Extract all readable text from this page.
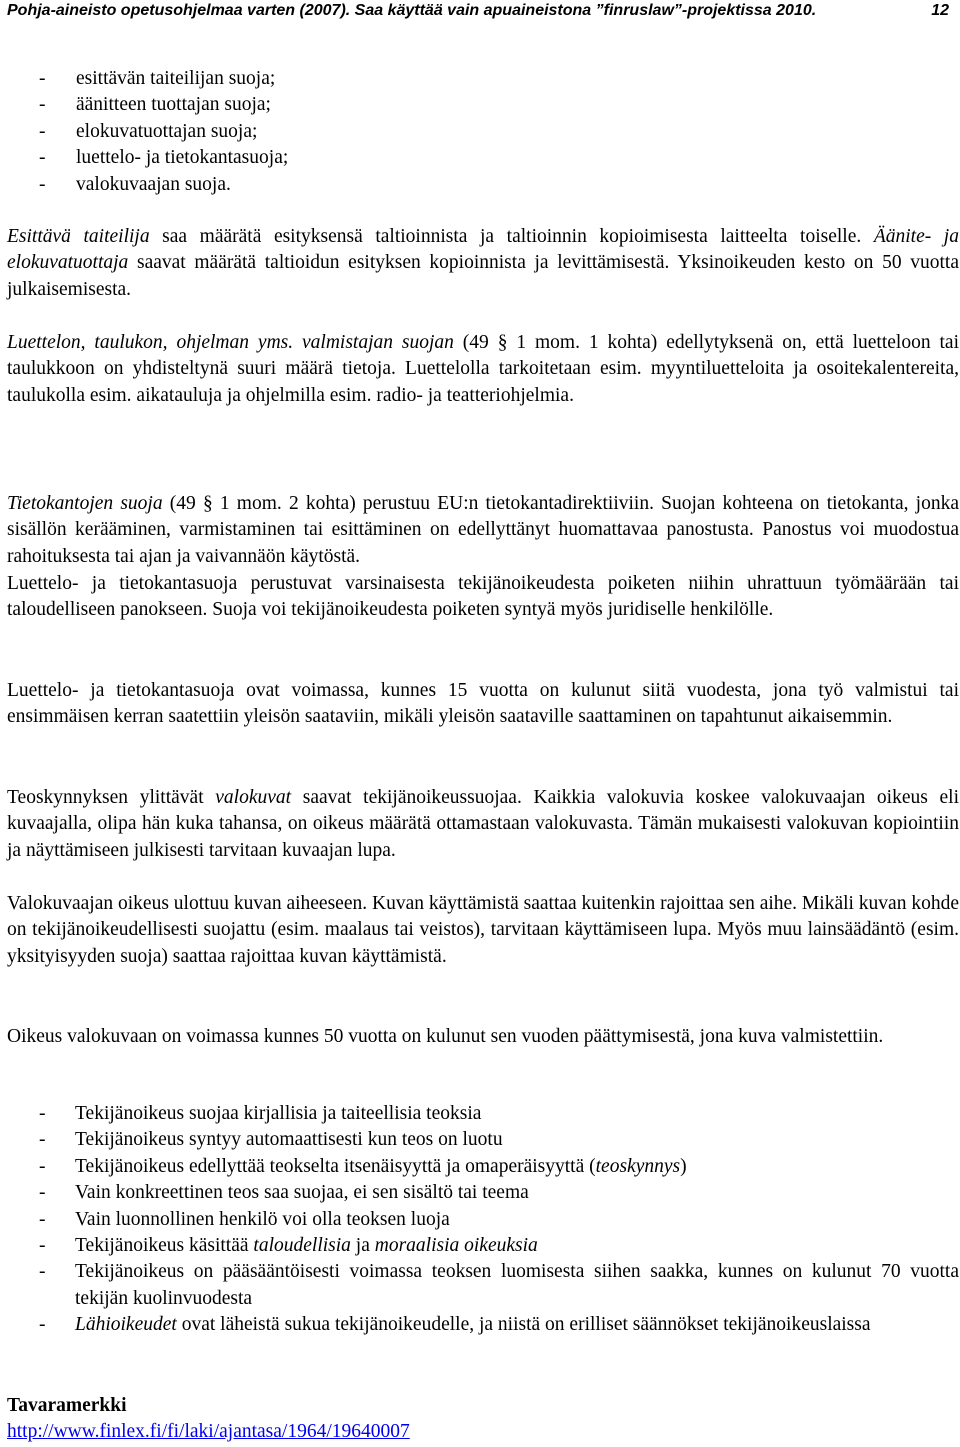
Pohja-aineisto opetusohjelmaa varten (2007). Saa käyttää vain apuaineistona ”finruslaw”-projektissa 2010.	12
- esittävän taiteilijan suoja;
- äänitteen tuottajan suoja;
- elokuvatuottajan suoja;
- luettelo- ja tietokantasuoja;
- valokuvaajan suoja.
Esittävä taiteilija saa määrätä esityksensä taltioinnista ja taltioinnin kopioimisesta laitteelta toiselle. Äänite- ja elokuvatuottaja saavat määrätä taltioidun esityksen kopioinnista ja levittämisestä. Yksinoikeuden kesto on 50 vuotta julkaisemisesta.
Luettelon, taulukon, ohjelman yms. valmistajan suojan (49 § 1 mom. 1 kohta) edellytyksenä on, että luetteloon tai taulukkoon on yhdisteltynä suuri määrä tietoja. Luettelolla tarkoitetaan esim. myyntiluetteloita ja osoitekalentereita, taulukolla esim. aikatauluja ja ohjelmilla esim. radio- ja teatteriohjelmia.
Tietokantojen suoja (49 § 1 mom. 2 kohta) perustuu EU:n tietokantadirektiiviin. Suojan kohteena on tietokanta, jonka sisällön kerääminen, varmistaminen tai esittäminen on edellyttänyt huomattavaa panostusta. Panostus voi muodostua rahoituksesta tai ajan ja vaivannäön käytöstä.
Luettelo- ja tietokantasuoja perustuvat varsinaisesta tekijänoikeudesta poiketen niihin uhrattuun työmäärään tai taloudelliseen panokseen. Suoja voi tekijänoikeudesta poiketen syntyä myös juridiselle henkilölle.
Luettelo- ja tietokantasuoja ovat voimassa, kunnes 15 vuotta on kulunut siitä vuodesta, jona työ valmistui tai ensimmäisen kerran saatettiin yleisön saataviin, mikäli yleisön saataville saattaminen on tapahtunut aikaisemmin.
Teoskynnyksen ylittävät valokuvat saavat tekijänoikeussuojaa. Kaikkia valokuvia koskee valokuvaajan oikeus eli kuvaajalla, olipa hän kuka tahansa, on oikeus määrätä ottamastaan valokuvasta. Tämän mukaisesti valokuvan kopiointiin ja näyttämiseen julkisesti tarvitaan kuvaajan lupa.
Valokuvaajan oikeus ulottuu kuvan aiheeseen. Kuvan käyttämistä saattaa kuitenkin rajoittaa sen aihe. Mikäli kuvan kohde on tekijänoikeudellisesti suojattu (esim. maalaus tai veistos), tarvitaan käyttämiseen lupa. Myös muu lainsäädäntö (esim. yksityisyyden suoja) saattaa rajoittaa kuvan käyttämistä.
Oikeus valokuvaan on voimassa kunnes 50 vuotta on kulunut sen vuoden päättymisestä, jona kuva valmistettiin.
- Tekijänoikeus suojaa kirjallisia ja taiteellisia teoksia
- Tekijänoikeus syntyy automaattisesti kun teos on luotu
- Tekijänoikeus edellyttää teokselta itsenäisyyttä ja omaperäisyyttä (teoskynnys)
- Vain konkreettinen teos saa suojaa, ei sen sisältö tai teema
- Vain luonnollinen henkilö voi olla teoksen luoja
- Tekijänoikeus käsittää taloudellisia ja moraalisia oikeuksia
- Tekijänoikeus on pääsääntöisesti voimassa teoksen luomisesta siihen saakka, kunnes on kulunut 70 vuotta tekijän kuolinvuodesta
- Lähioikeudet ovat läheistä sukua tekijänoikeudelle, ja niistä on erilliset säännökset tekijänoikeuslaissa
Tavaramerkki
http://www.finlex.fi/fi/laki/ajantasa/1964/19640007
